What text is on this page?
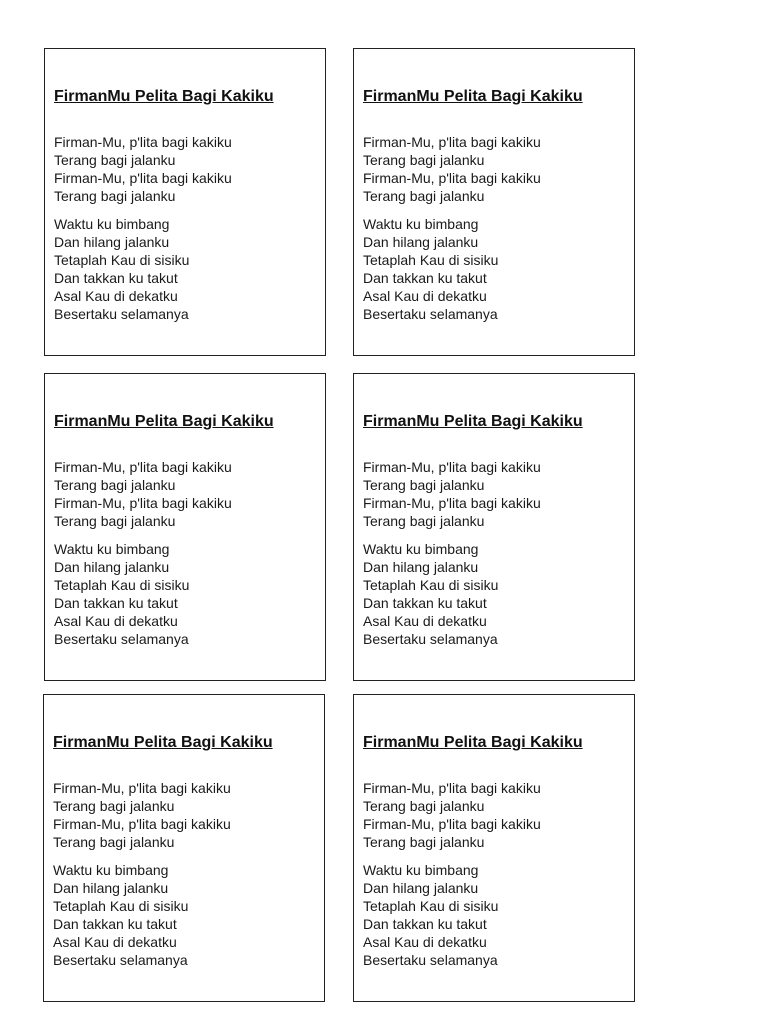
FirmanMu Pelita Bagi Kakiku
Firman-Mu, p'lita bagi kakiku
Terang bagi jalanku
Firman-Mu, p'lita bagi kakiku
Terang bagi jalanku
Waktu ku bimbang
Dan hilang jalanku
Tetaplah Kau di sisiku
Dan takkan ku takut
Asal Kau di dekatku
Besertaku selamanya
FirmanMu Pelita Bagi Kakiku
Firman-Mu, p'lita bagi kakiku
Terang bagi jalanku
Firman-Mu, p'lita bagi kakiku
Terang bagi jalanku
Waktu ku bimbang
Dan hilang jalanku
Tetaplah Kau di sisiku
Dan takkan ku takut
Asal Kau di dekatku
Besertaku selamanya
FirmanMu Pelita Bagi Kakiku
Firman-Mu, p'lita bagi kakiku
Terang bagi jalanku
Firman-Mu, p'lita bagi kakiku
Terang bagi jalanku
Waktu ku bimbang
Dan hilang jalanku
Tetaplah Kau di sisiku
Dan takkan ku takut
Asal Kau di dekatku
Besertaku selamanya
FirmanMu Pelita Bagi Kakiku
Firman-Mu, p'lita bagi kakiku
Terang bagi jalanku
Firman-Mu, p'lita bagi kakiku
Terang bagi jalanku
Waktu ku bimbang
Dan hilang jalanku
Tetaplah Kau di sisiku
Dan takkan ku takut
Asal Kau di dekatku
Besertaku selamanya
FirmanMu Pelita Bagi Kakiku
Firman-Mu, p'lita bagi kakiku
Terang bagi jalanku
Firman-Mu, p'lita bagi kakiku
Terang bagi jalanku
Waktu ku bimbang
Dan hilang jalanku
Tetaplah Kau di sisiku
Dan takkan ku takut
Asal Kau di dekatku
Besertaku selamanya
FirmanMu Pelita Bagi Kakiku
Firman-Mu, p'lita bagi kakiku
Terang bagi jalanku
Firman-Mu, p'lita bagi kakiku
Terang bagi jalanku
Waktu ku bimbang
Dan hilang jalanku
Tetaplah Kau di sisiku
Dan takkan ku takut
Asal Kau di dekatku
Besertaku selamanya
